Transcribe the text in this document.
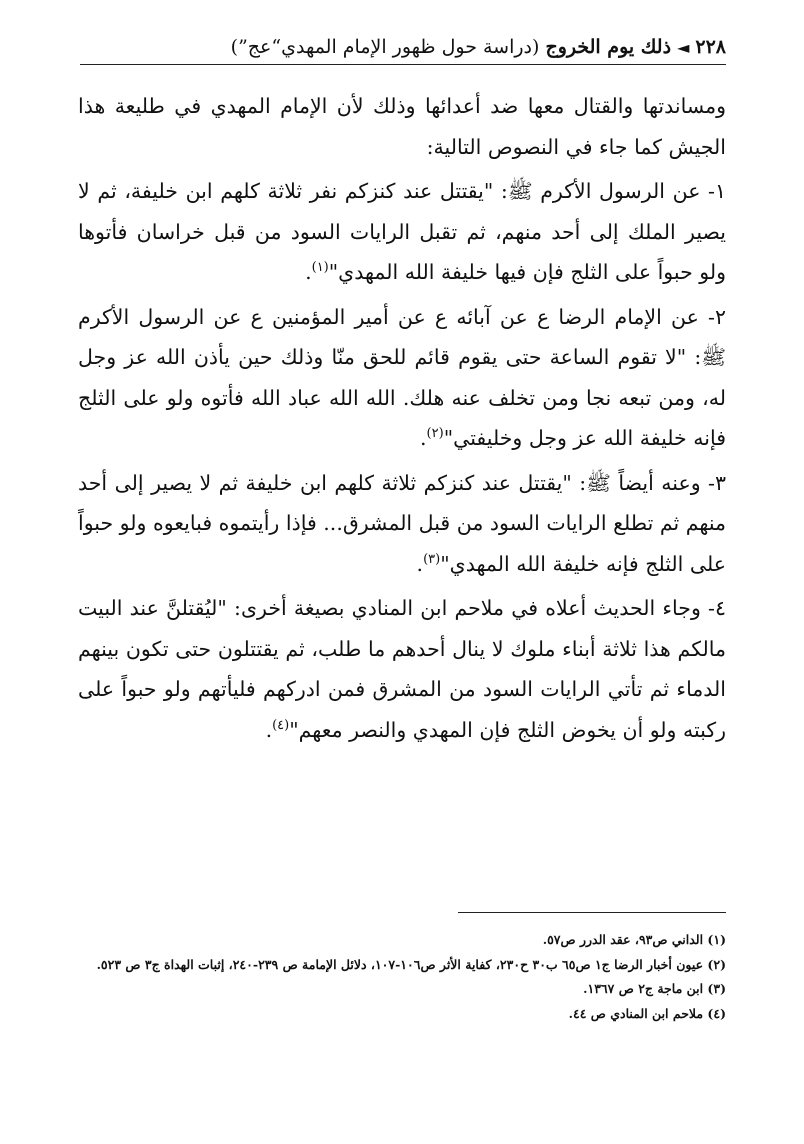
٢٢٨
◄
ذلك يوم الخروج
(دراسة حول ظهور الإمام المهدي“عج”)

ومساندتها والقتال معها ضد أعدائها وذلك لأن الإمام المهدي في طليعة هذا الجيش كما جاء في النصوص التالية:

١- عن الرسول الأكرم ﷺ: "يقتتل عند كنزكم نفر ثلاثة كلهم ابن خليفة، ثم لا يصير الملك إلى أحد منهم، ثم تقبل الرايات السود من قبل خراسان فأتوها ولو حبواً على الثلج فإن فيها خليفة الله المهدي"$^{(١)}$.

٢- عن الإمام الرضا ع عن آبائه ع عن أمير المؤمنين ع عن الرسول الأكرم ﷺ: "لا تقوم الساعة حتى يقوم قائم للحق منّا وذلك حين يأذن الله عز وجل له، ومن تبعه نجا ومن تخلف عنه هلك. الله الله عباد الله فأتوه ولو على الثلج فإنه خليفة الله عز وجل وخليفتي"$^{(٢)}$.

٣- وعنه أيضاً ﷺ: "يقتتل عند كنزكم ثلاثة كلهم ابن خليفة ثم لا يصير إلى أحد منهم ثم تطلع الرايات السود من قبل المشرق... فإذا رأيتموه فبايعوه ولو حبواً على الثلج فإنه خليفة الله المهدي"$^{(٣)}$.

٤- وجاء الحديث أعلاه في ملاحم ابن المنادي بصيغة أخرى: "ليُقتلنَّ عند البيت مالكم هذا ثلاثة أبناء ملوك لا ينال أحدهم ما طلب، ثم يقتتلون حتى تكون بينهم الدماء ثم تأتي الرايات السود من المشرق فمن ادركهم فليأتهم ولو حبواً على ركبته ولو أن يخوض الثلج فإن المهدي والنصر معهم"$^{(٤)}$.

(١) الداني ص٩٣، عقد الدرر ص٥٧.

(٢) عيون أخبار الرضا ج١ ص٦٥ ب٣٠ ح٢٣٠، كفاية الأثر ص١٠٦-١٠٧، دلائل الإمامة ص ٢٣٩-٢٤٠، إثبات الهداة ج٣ ص ٥٢٣.

(٣) ابن ماجة ج٢ ص ١٣٦٧.

(٤) ملاحم ابن المنادي ص ٤٤.
